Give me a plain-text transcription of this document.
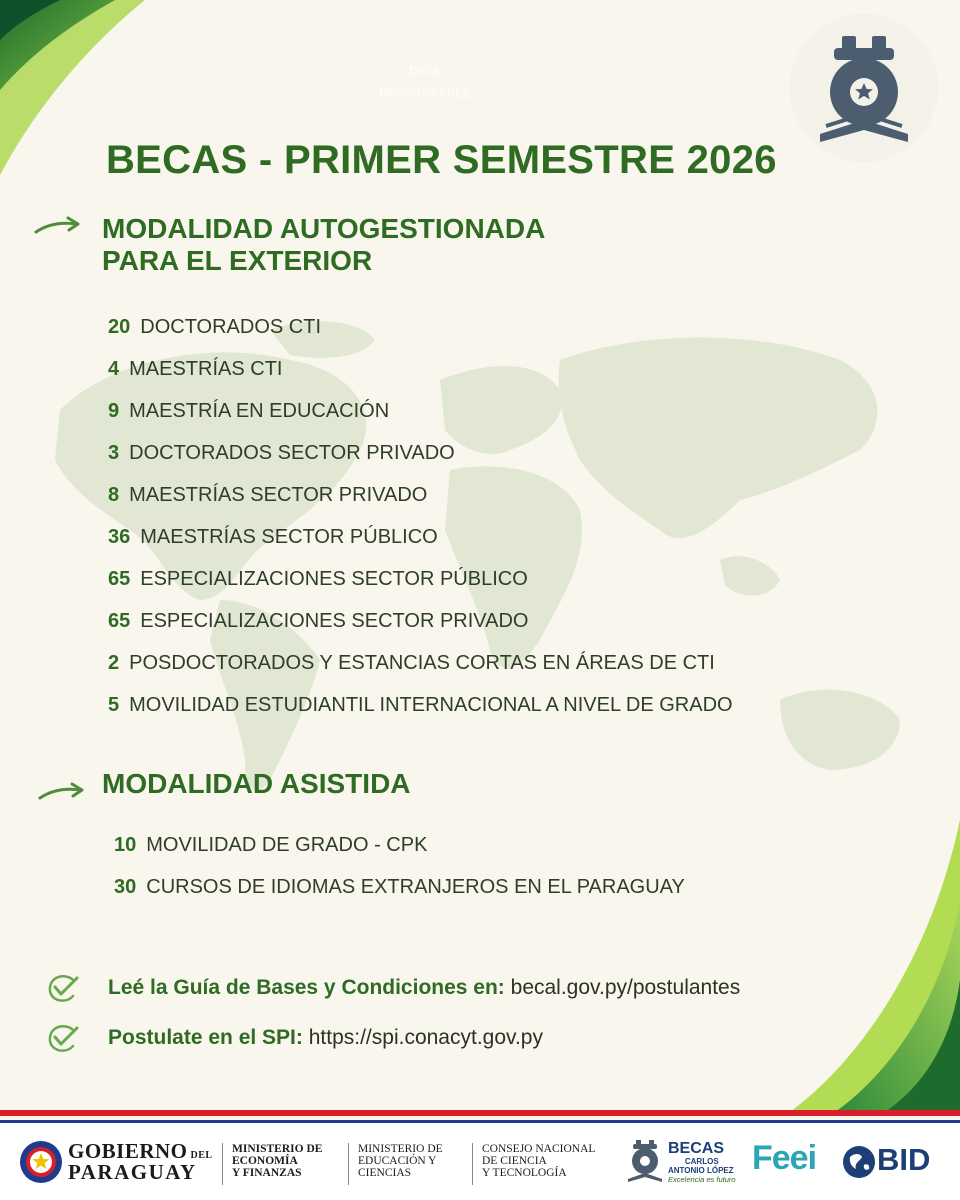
DATA
RESPONSABLE
BECAS - PRIMER SEMESTRE 2026
MODALIDAD AUTOGESTIONADA
PARA EL EXTERIOR
20 DOCTORADOS CTI
4 MAESTRÍAS CTI
9 MAESTRÍA EN EDUCACIÓN
3 DOCTORADOS SECTOR PRIVADO
8 MAESTRÍAS SECTOR PRIVADO
36 MAESTRÍAS SECTOR PÚBLICO
65 ESPECIALIZACIONES SECTOR PÚBLICO
65 ESPECIALIZACIONES SECTOR PRIVADO
2 POSDOCTORADOS Y ESTANCIAS CORTAS EN ÁREAS DE CTI
5 MOVILIDAD ESTUDIANTIL INTERNACIONAL A NIVEL DE GRADO
MODALIDAD ASISTIDA
10 MOVILIDAD DE GRADO - CPK
30 CURSOS DE IDIOMAS EXTRANJEROS EN EL PARAGUAY
Leé la Guía de Bases y Condiciones en: becal.gov.py/postulantes
Postulate en el SPI: https://spi.conacyt.gov.py
GOBIERNO DEL
PARAGUAY
MINISTERIO DE
ECONOMÍA
Y FINANZAS
MINISTERIO DE
EDUCACIÓN Y
CIENCIAS
CONSEJO NACIONAL
DE CIENCIA
Y TECNOLOGÍA
BECAS
CARLOS
ANTONIO LÓPEZ
Excelencia es futuro
Feei BID
